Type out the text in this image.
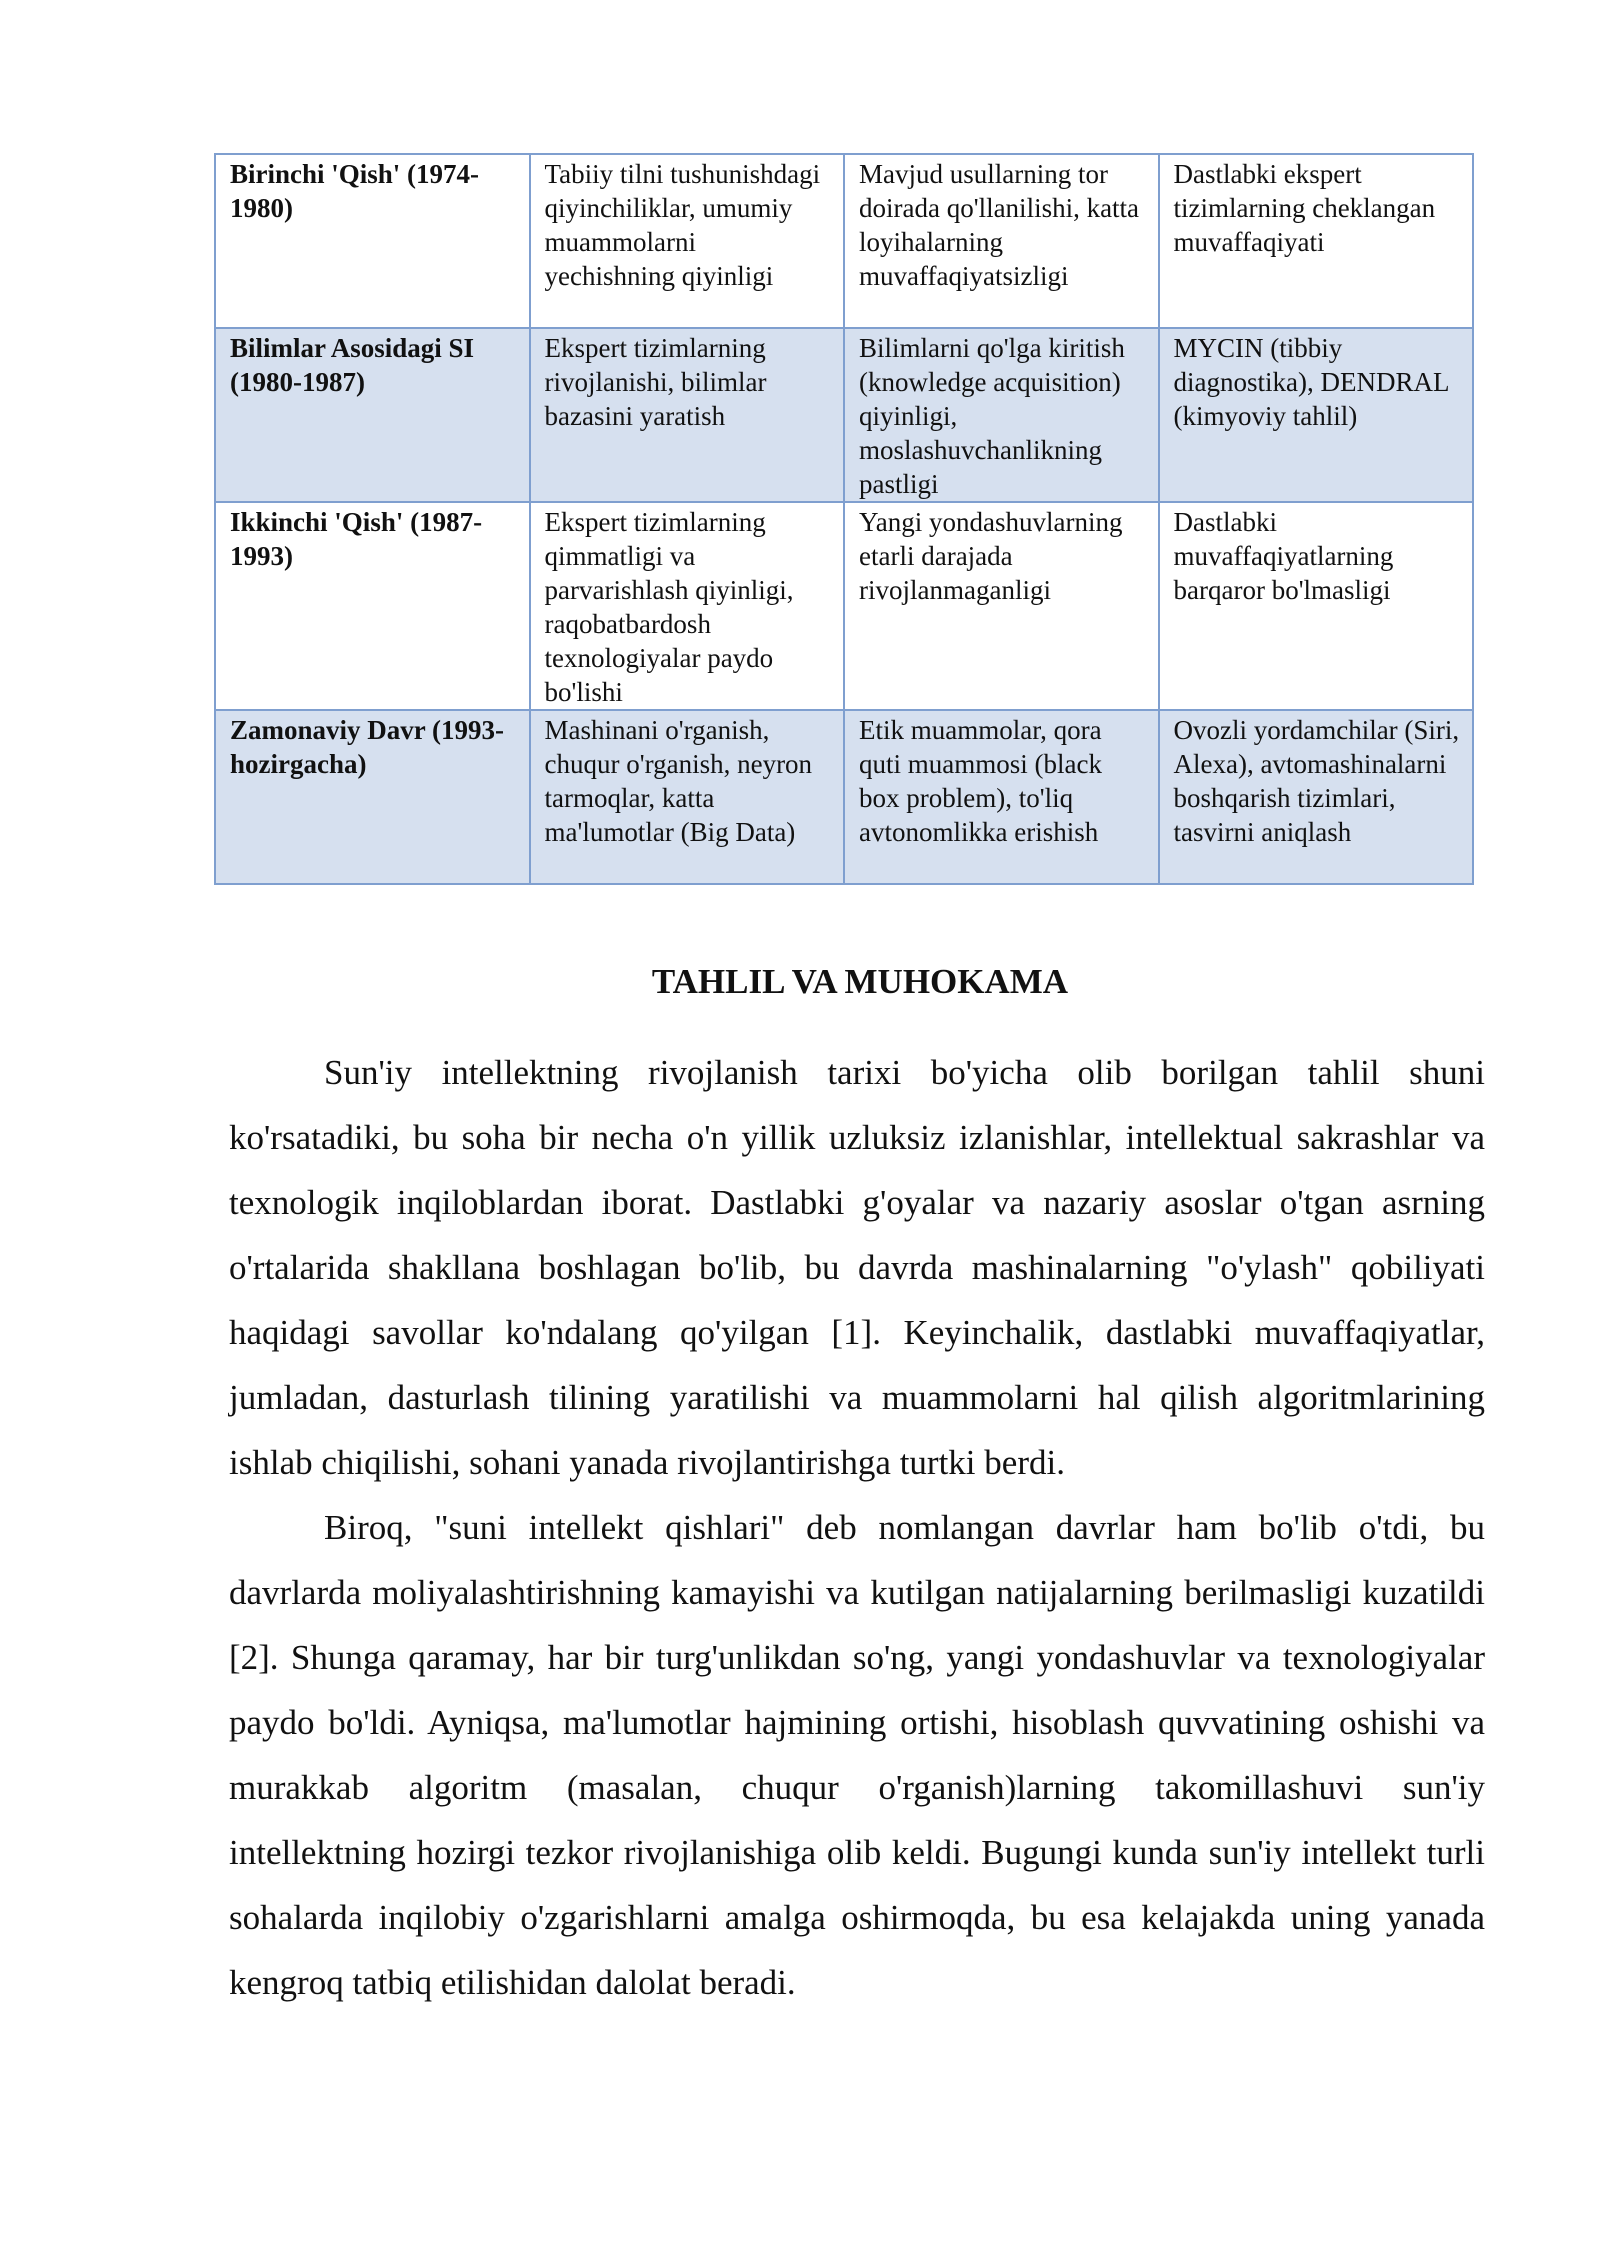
Birinchi 'Qish' (1974-1980)	Tabiiy tilni tushunishdagi qiyinchiliklar, umumiy muammolarni yechishning qiyinligi	Mavjud usullarning tor doirada qo'llanilishi, katta loyihalarning muvaffaqiyatsizligi	Dastlabki ekspert tizimlarning cheklangan muvaffaqiyati
Bilimlar Asosidagi SI (1980-1987)	Ekspert tizimlarning rivojlanishi, bilimlar bazasini yaratish	Bilimlarni qo'lga kiritish (knowledge acquisition) qiyinligi, moslashuvchanlikning pastligi	MYCIN (tibbiy diagnostika), DENDRAL (kimyoviy tahlil)
Ikkinchi 'Qish' (1987-1993)	Ekspert tizimlarning qimmatligi va parvarishlash qiyinligi, raqobatbardosh texnologiyalar paydo bo'lishi	Yangi yondashuvlarning etarli darajada rivojlanmaganligi	Dastlabki muvaffaqiyatlarning barqaror bo'lmasligi
Zamonaviy Davr (1993-hozirgacha)	Mashinani o'rganish, chuqur o'rganish, neyron tarmoqlar, katta ma'lumotlar (Big Data)	Etik muammolar, qora quti muammosi (black box problem), to'liq avtonomlikka erishish	Ovozli yordamchilar (Siri, Alexa), avtomashinalarni boshqarish tizimlari, tasvirni aniqlash
TAHLIL VA MUHOKAMA

Sun'iy intellektning rivojlanish tarixi bo'yicha olib borilgan tahlil shuni ko'rsatadiki, bu soha bir necha o'n yillik uzluksiz izlanishlar, intellektual sakrashlar va texnologik inqiloblardan iborat. Dastlabki g'oyalar va nazariy asoslar o'tgan asrning o'rtalarida shakllana boshlagan bo'lib, bu davrda mashinalarning "o'ylash" qobiliyati haqidagi savollar ko'ndalang qo'yilgan [1]. Keyinchalik, dastlabki muvaffaqiyatlar, jumladan, dasturlash tilining yaratilishi va muammolarni hal qilish algoritmlarining ishlab chiqilishi, sohani yanada rivojlantirishga turtki berdi.

Biroq, "suni intellekt qishlari" deb nomlangan davrlar ham bo'lib o'tdi, bu davrlarda moliyalashtirishning kamayishi va kutilgan natijalarning berilmasligi kuzatildi [2]. Shunga qaramay, har bir turg'unlikdan so'ng, yangi yondashuvlar va texnologiyalar paydo bo'ldi. Ayniqsa, ma'lumotlar hajmining ortishi, hisoblash quvvatining oshishi va murakkab algoritm (masalan, chuqur o'rganish)larning takomillashuvi sun'iy intellektning hozirgi tezkor rivojlanishiga olib keldi. Bugungi kunda sun'iy intellekt turli sohalarda inqilobiy o'zgarishlarni amalga oshirmoqda, bu esa kelajakda uning yanada kengroq tatbiq etilishidan dalolat beradi.
